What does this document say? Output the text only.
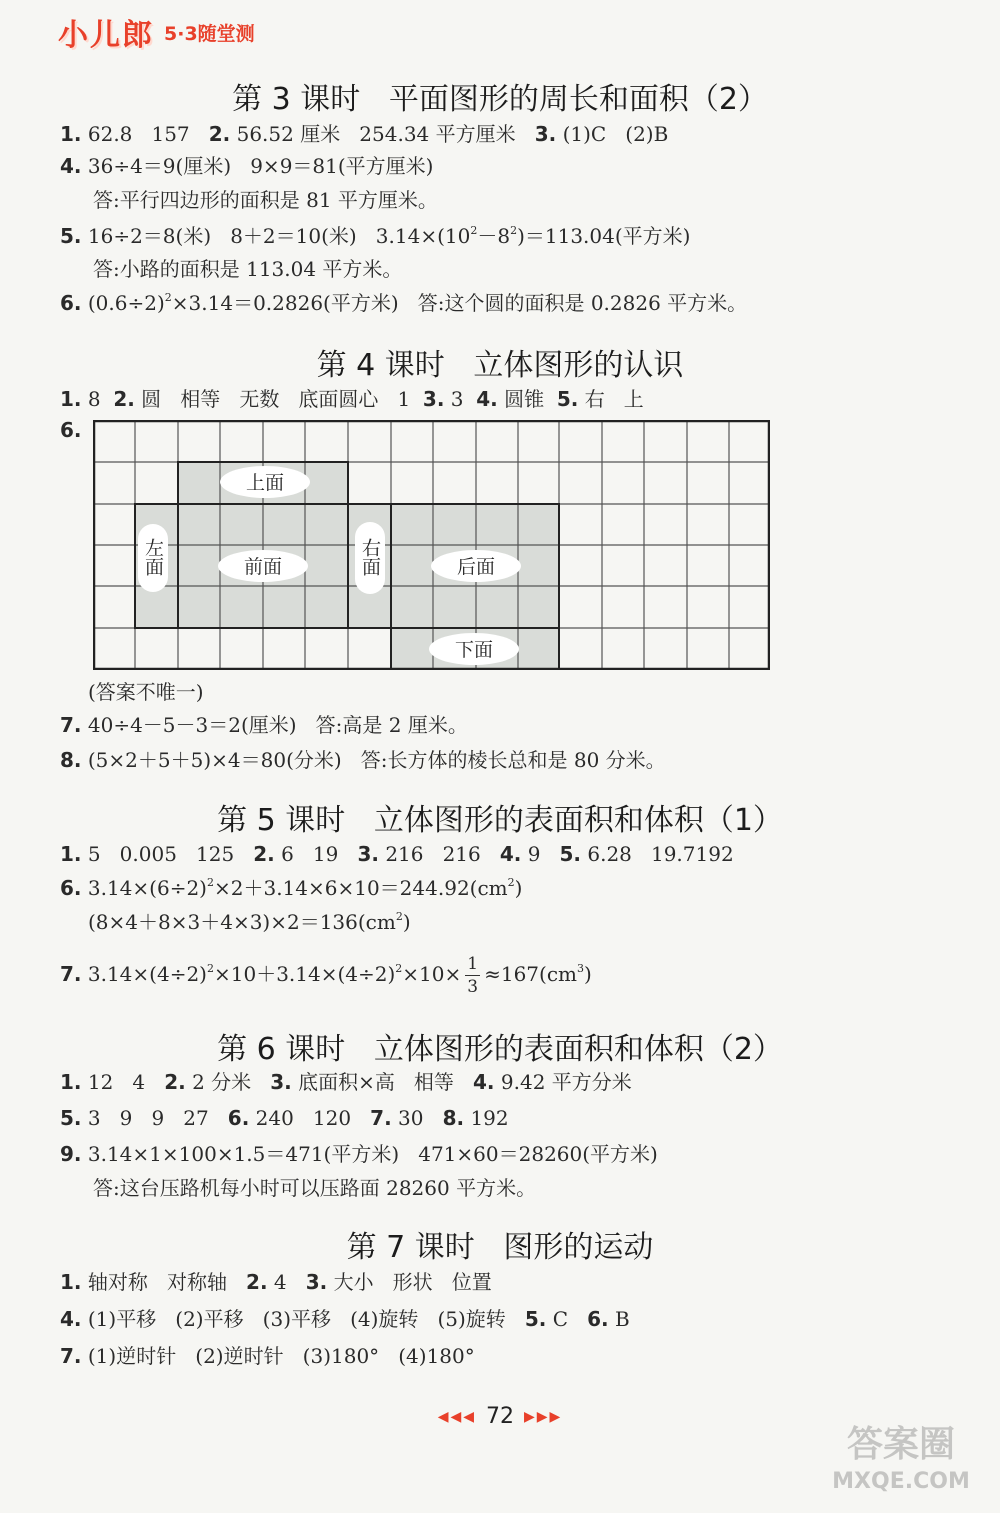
小儿郎 5·3随堂测
第 3 课时   平面图形的周长和面积（2）
1. 62.8   157   2. 56.52 厘米   254.34 平方厘米   3. (1)C   (2)B
4. 36÷4＝9(厘米)   9×9＝81(平方厘米)
答:平行四边形的面积是 81 平方厘米。
5. 16÷2＝8(米)   8＋2＝10(米)   $3.14\times(10^2-8^2)=113.04$(平方米)
答:小路的面积是 113.04 平方米。
6. $(0.6\div 2)^2\times 3.14=0.2826$(平方米)   答:这个圆的面积是 0.2826 平方米。
第 4 课时   立体图形的认识
1. 8  2. 圆   相等   无数   底面圆心   1  3. 3  4. 圆锥  5. 右   上
6.
上面
前面	后面
下面
左面	右面
(答案不唯一)
7. 40÷4－5－3＝2(厘米)   答:高是 2 厘米。
8. (5×2＋5＋5)×4＝80(分米)   答:长方体的棱长总和是 80 分米。
第 5 课时   立体图形的表面积和体积（1）
1. 5   0.005   125   2. 6   19   3. 216   216   4. 9   5. 6.28   19.7192
6. $3.14\times(6\div 2)^2\times 2+3.14\times 6\times 10=244.92(cm^2)$
$(8\times 4+8\times 3+4\times 3)\times 2=136(cm^2)$
7. $3.14\times(4\div 2)^2\times 10+3.14\times(4\div 2)^2\times 10\times \frac{1}{3} \approx 167(cm^3)$
第 6 课时   立体图形的表面积和体积（2）
1. 12   4   2. 2 分米   3. 底面积×高   相等   4. 9.42 平方分米
5. 3   9   9   27   6. 240   120   7. 30   8. 192
9. 3.14×1×100×1.5＝471(平方米)   471×60＝28260(平方米)
答:这台压路机每小时可以压路面 28260 平方米。
第 7 课时   图形的运动
1. 轴对称   对称轴   2. 4   3. 大小   形状   位置
4. (1)平移   (2)平移   (3)平移   (4)旋转   (5)旋转   5. C   6. B
7. (1)逆时针   (2)逆时针   (3)180°   (4)180°
◀◀◀ 72 ▶▶▶
答案圈
MXQE.COM
